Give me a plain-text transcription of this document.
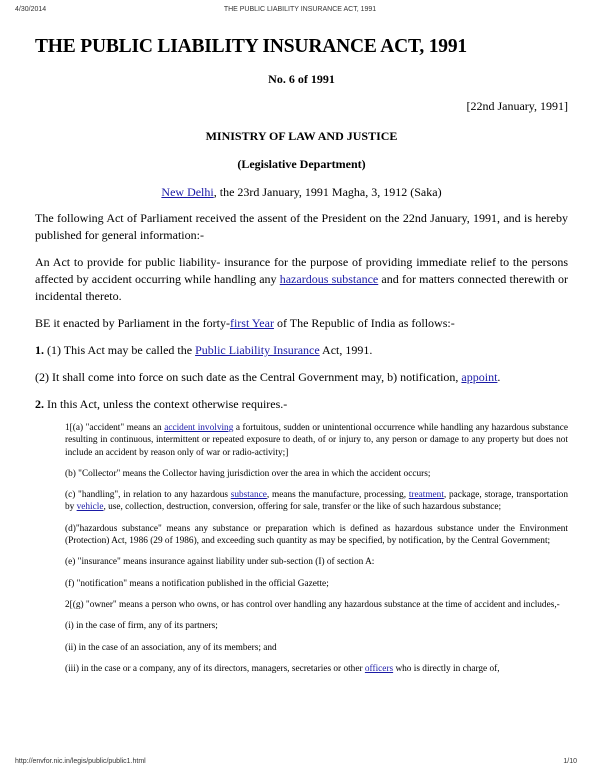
4/30/2014	THE PUBLIC LIABILITY INSURANCE ACT, 1991
THE PUBLIC LIABILITY INSURANCE ACT, 1991
No. 6 of 1991
[22nd January, 1991]
MINISTRY OF LAW AND JUSTICE
(Legislative Department)
New Delhi, the 23rd January, 1991 Magha, 3, 1912 (Saka)

The following Act of Parliament received the assent of the President on the 22nd January, 1991, and is hereby published for general information:-

An Act to provide for public liability- insurance for the purpose of providing immediate relief to the persons affected by accident occurring while handling any hazardous substance and for matters connected therewith or incidental thereto.

BE it enacted by Parliament in the forty-first Year of The Republic of India as follows:-

1. (1) This Act may be called the Public Liability Insurance Act, 1991.

(2) It shall come into force on such date as the Central Government may, b) notification, appoint.

2. In this Act, unless the context otherwise requires.-

1[(a) "accident" means an accident involving a fortuitous, sudden or unintentional occurrence while handling any hazardous substance resulting in continuous, intermittent or repeated exposure to death, of or injury to, any person or damage to any property but does not include an accident by reason only of war or radio-activity;]

(b) "Collector" means the Collector having jurisdiction over the area in which the accident occurs;

(c) "handling", in relation to any hazardous substance, means the manufacture, processing, treatment, package, storage, transportation by vehicle, use, collection, destruction, conversion, offering for sale, transfer or the like of such hazardous substance;

(d)"hazardous substance" means any substance or preparation which is defined as hazardous substance under the Environment (Protection) Act, 1986 (29 of 1986), and exceeding such quantity as may be specified, by notification, by the Central Government;

(e) "insurance" means insurance against liability under sub-section (I) of section A:

(f) "notification" means a notification published in the official Gazette;

2[(g) "owner" means a person who owns, or has control over handling any hazardous substance at the time of accident and includes,-

(i) in the case of firm, any of its partners;

(ii) in the case of an association, any of its members; and

(iii) in the case or a company, any of its directors, managers, secretaries or other officers who is directly in charge of,

http://envfor.nic.in/legis/public/public1.html	1/10
